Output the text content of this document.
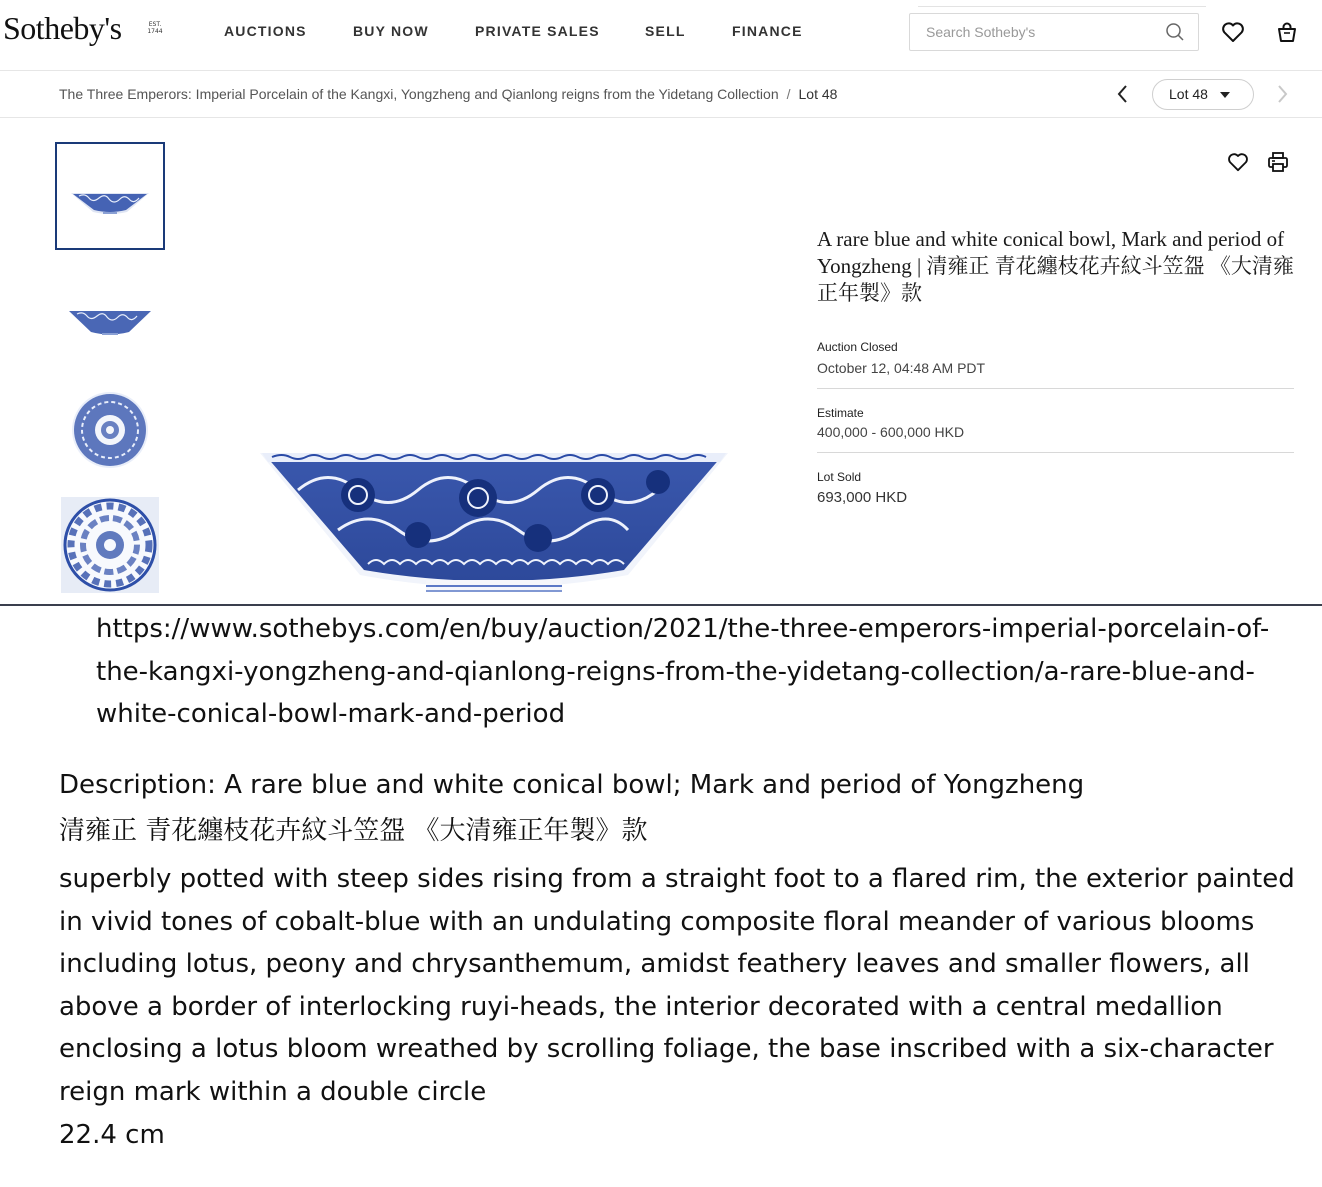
Sotheby's	EST. 1744	AUCTIONS	BUY NOW	PRIVATE SALES	SELL	FINANCE
Search Sotheby's
The Three Emperors: Imperial Porcelain of the Kangxi, Yongzheng and Qianlong reigns from the Yidetang Collection / Lot 48	Lot 48
A rare blue and white conical bowl, Mark and period of Yongzheng | 清雍正 青花纏枝花卉紋斗笠盌 《大清雍正年製》款
Auction Closed
October 12, 04:48 AM PDT
Estimate
400,000 - 600,000 HKD
Lot Sold
693,000 HKD
https://www.sothebys.com/en/buy/auction/2021/the-three-emperors-imperial-porcelain-of-the-kangxi-yongzheng-and-qianlong-reigns-from-the-yidetang-collection/a-rare-blue-and-white-conical-bowl-mark-and-period
Description: A rare blue and white conical bowl; Mark and period of Yongzheng
清雍正 青花纏枝花卉紋斗笠盌 《大清雍正年製》款
superbly potted with steep sides rising from a straight foot to a flared rim, the exterior painted in vivid tones of cobalt-blue with an undulating composite floral meander of various blooms including lotus, peony and chrysanthemum, amidst feathery leaves and smaller flowers, all above a border of interlocking ruyi-heads, the interior decorated with a central medallion enclosing a lotus bloom wreathed by scrolling foliage, the base inscribed with a six-character reign mark within a double circle
22.4 cm
